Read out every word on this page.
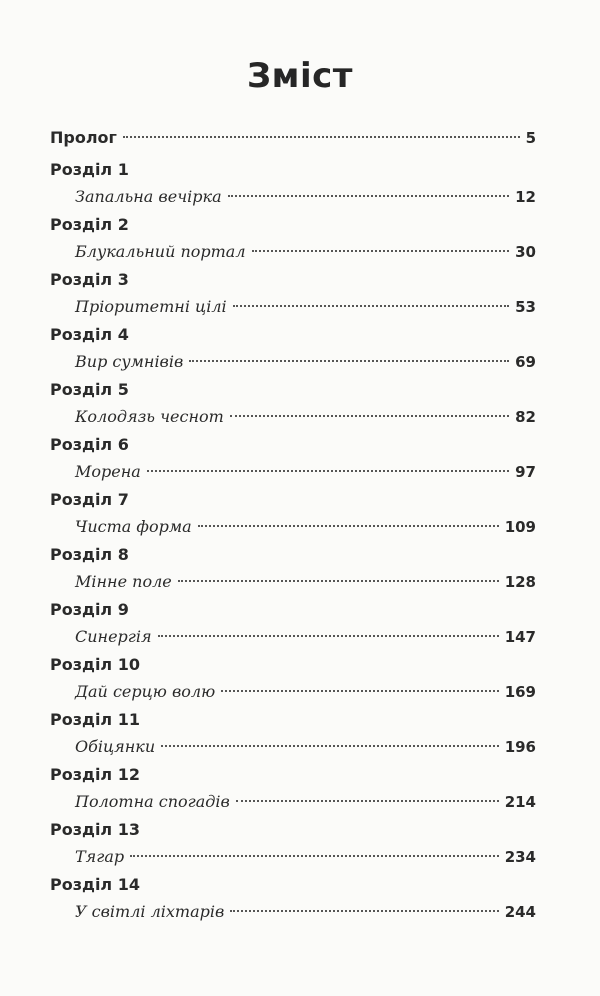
Зміст
Пролог	5
Розділ 1
Запальна вечірка	12
Розділ 2
Блукальний портал	30
Розділ 3
Пріоритетні цілі	53
Розділ 4
Вир сумнівів	69
Розділ 5
Колодязь чеснот	82
Розділ 6
Морена	97
Розділ 7
Чиста форма	109
Розділ 8
Мінне поле	128
Розділ 9
Синергія	147
Розділ 10
Дай серцю волю	169
Розділ 11
Обіцянки	196
Розділ 12
Полотна спогадів	214
Розділ 13
Тягар	234
Розділ 14
У світлі ліхтарів	244
